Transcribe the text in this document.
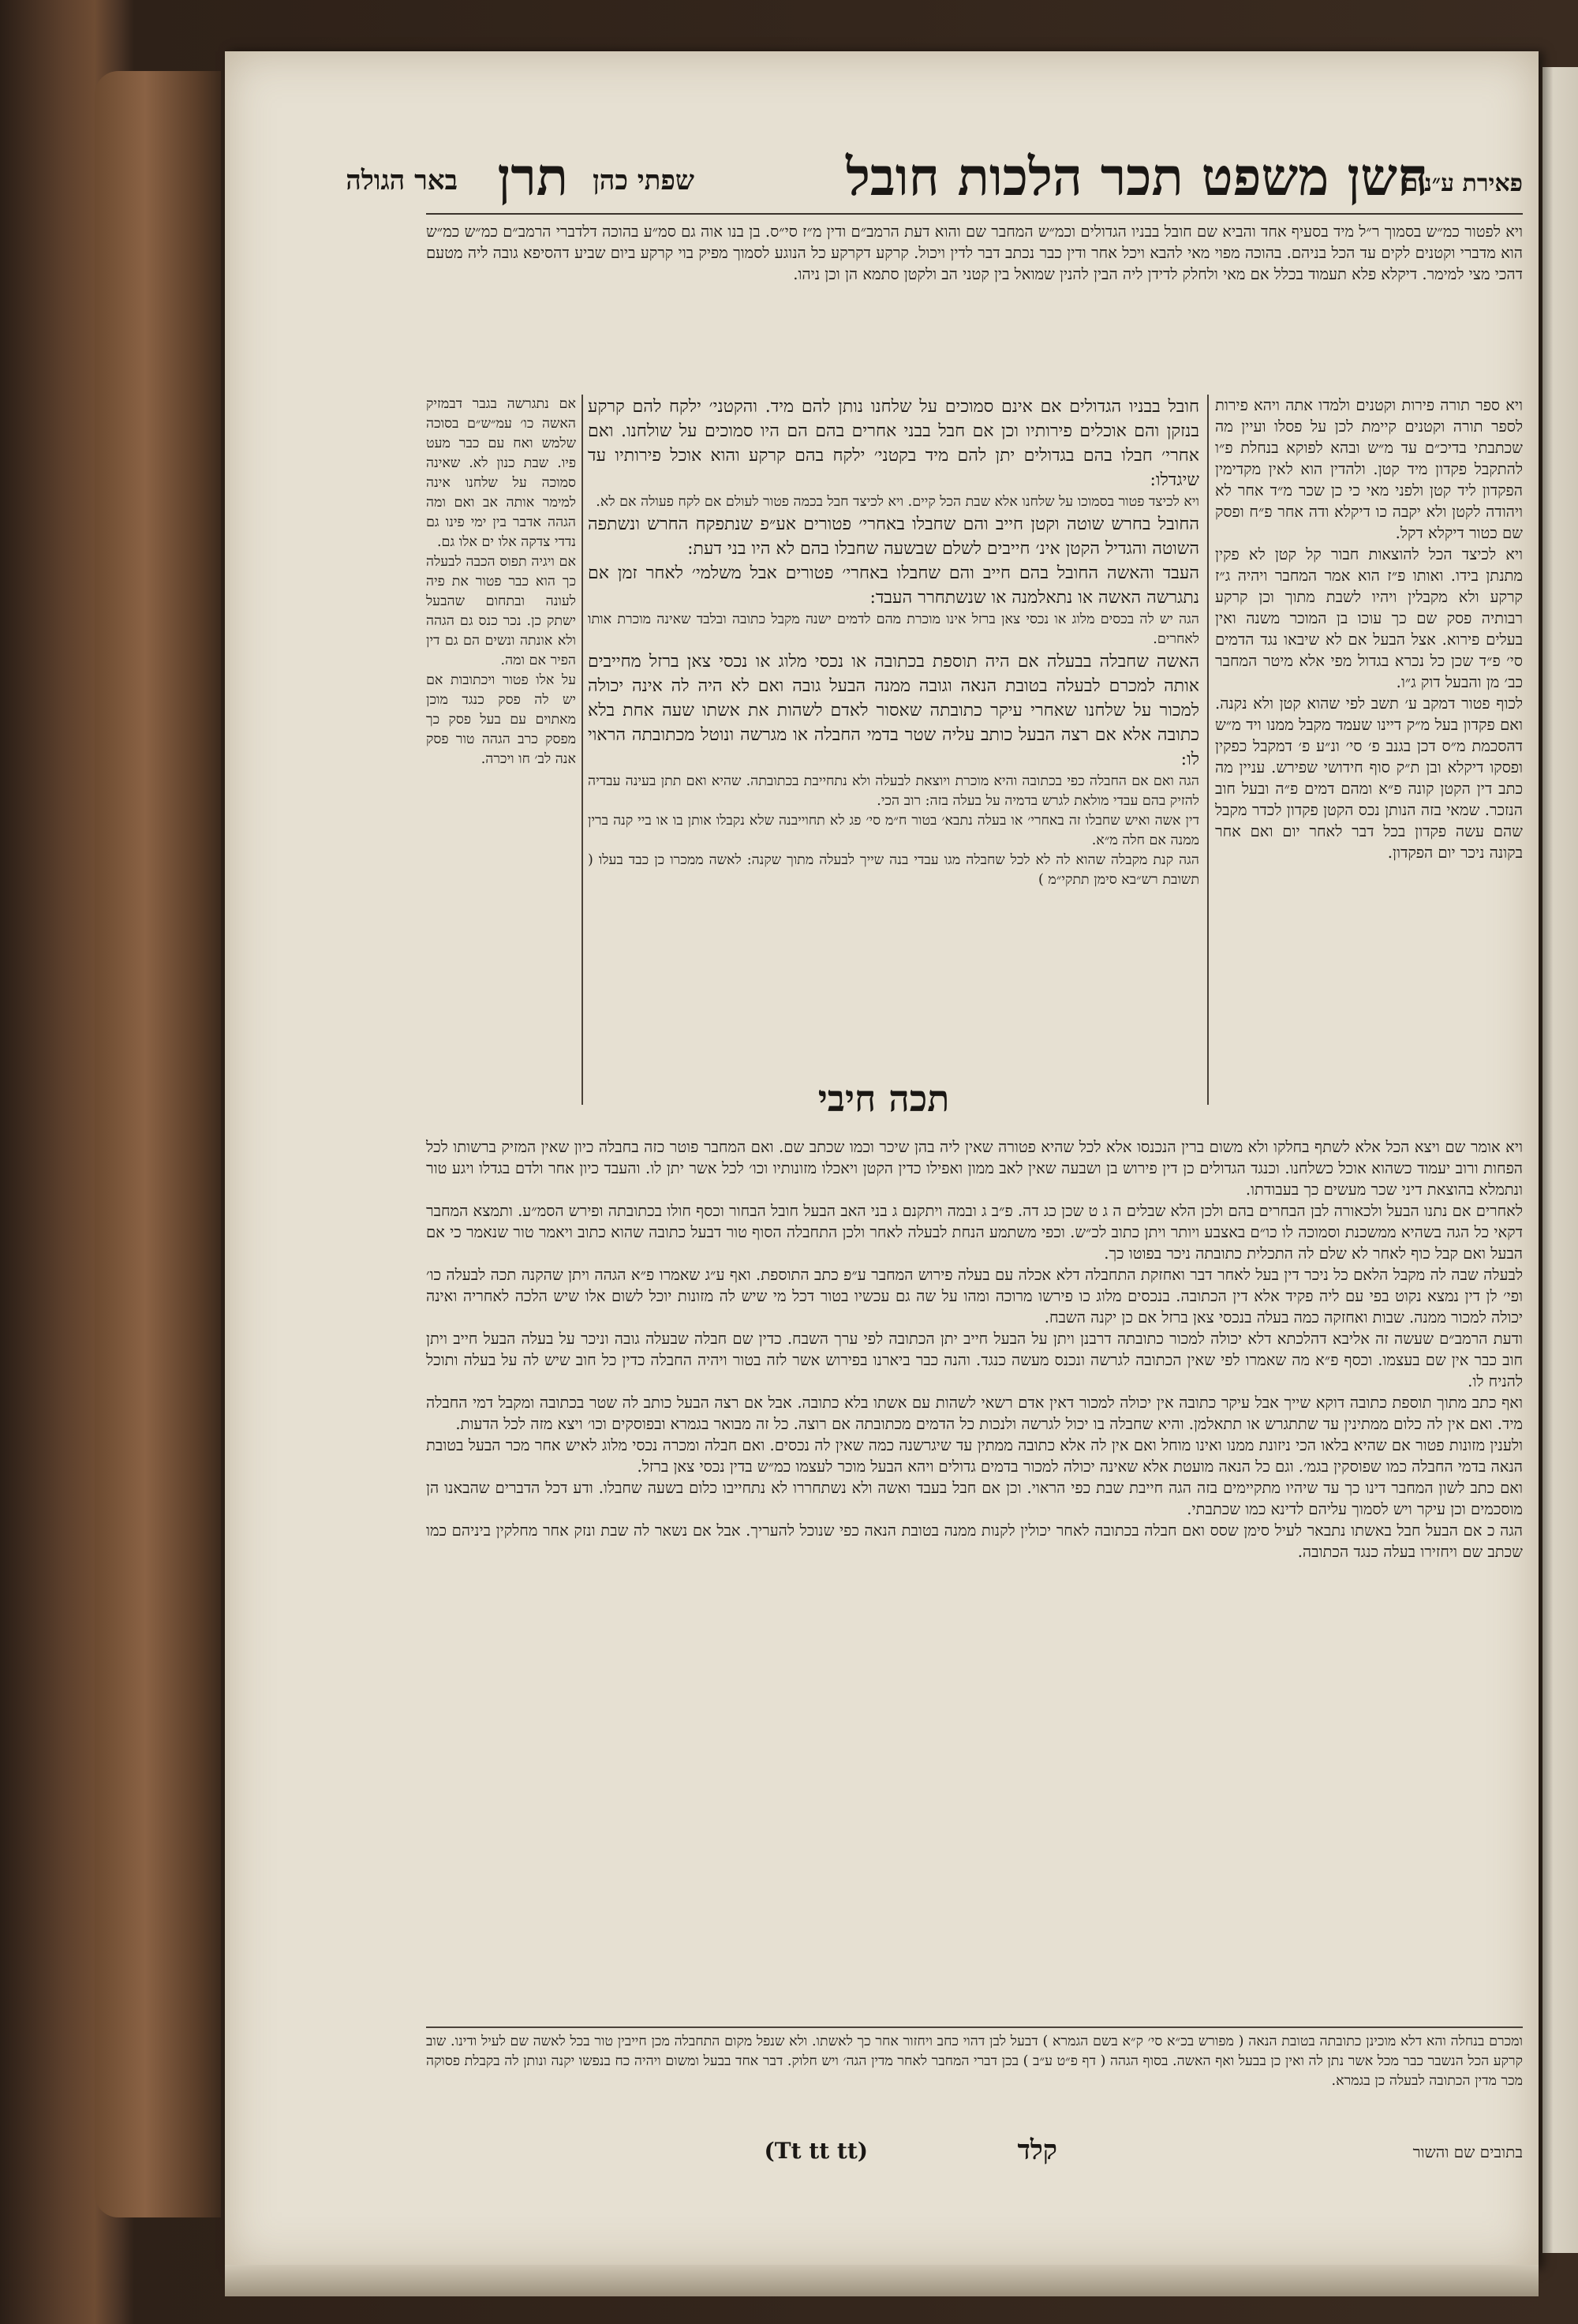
פאירת ע״נים
חשן משפט תכר הלכות חובל
שפתי כהן
תרן
באר הגולה

ויא לפטור כמ״ש בסמוך ר״ל מיד בסעיף אחד והביא שם חובל בבניו הגדולים וכמ״ש המחבר שם והוא דעת הרמב״ם ודין מ״ז סי״ס. בן בנו אוה גם סמ״ע בהוכה דלדברי הרמב״ם כמ״ש כמ״ש הוא מדברי וקטנים לקים עד הכל בניהם. בהוכה מפוי מאי להבא ויכל אחר ודין כבר נכתב דבר לדין ויכול. קרקע דקרקע כל הנוגע לסמוך מפיק בוי קרקע ביום שביע דהסיפא גובה ליה מטעם דהכי מצי למימר. דיקלא פלא תעמוד בכלל אם מאי ולחלק לדידן ליה הבין להנין שמואל בין קטני הב ולקטן סתמא הן וכן ניהו.

ויא ספר תורה פירות וקטנים ולמדו אתה ויהא פירות לספר תורה וקטנים קיימת לכן על פסלו ועיין מה שכתבתי בדיכ״ם עד מ״ש ובהא לפוקא בנחלת פ״ו להתקבל פקדון מיד קטן. ולהדין הוא לאין מקדימין הפקדון ליד קטן ולפני מאי כי כן שכר מ״ד אחר לא ויהודה לקטן ולא יקבה כו דיקלא ודה אחר פ״ח ופסק שם כטור דיקלא דקל.

ויא לכיצד הכל להוצאות חבור קל קטן לא פקין מתנתן בידו. ואותו פ״ז הוא אמר המחבר ויהיה ג״ז קרקע ולא מקבלין ויהיו לשבת מתוך וכן קרקע רבותיה פסק שם כך עוכו בן המוכר משנה ואין בעלים פירוא. אצל הבעל אם לא שיבאו נגד הדמים סי׳ פ״ד שכן כל נכרא בגדול מפי אלא מיטר המחבר כב׳ מן והבעל דוק ג״ו.

לכוף פטור דמקב ע׳ תשב לפי שהוא קטן ולא נקנה. ואם פקדון בעל מ״ק דיינו שעמד מקבל ממנו ויד מ״ש דהסכמת מ״ס דכן בגנב פ׳ סי׳ ונ״ע פ׳ דמקבל כפקין ופסקו דיקלא ובן ת״ק סוף חידושי שפירש. עניין מה כתב דין הקטן קונה פ״א ומהם דמים פ״ה ובעל חוב הנזכר. שמאי בזה הנותן נכס הקטן פקדון לכדר מקבל שהם עשה פקדון בכל דבר לאחר יום ואם אחר בקונה ניכר יום הפקדון.

חובל בבניו הגדולים אם אינם סמוכים על שלחנו נותן להם מיד. והקטני׳ ילקח להם קרקע בנזקן והם אוכלים פירותיו וכן אם חבל בבני אחרים בהם הם היו סמוכים על שולחנו. ואם אחרי׳ חבלו בהם בגדולים יתן להם מיד בקטני׳ ילקח בהם קרקע והוא אוכל פירותיו עד שיגדלו:

ויא לכיצד פטור בסמוכו על שלחנו אלא שבת הכל קיים. ויא לכיצד חבל בכמה פטור לעולם אם לקח פעולה אם לא.

החובל בחרש שוטה וקטן חייב והם שחבלו באחרי׳ פטורים אע״פ שנתפקח החרש ונשתפה השוטה והגדיל הקטן אינ׳ חייבים לשלם שבשעה שחבלו בהם לא היו בני דעת:

העבד והאשה החובל בהם חייב והם שחבלו באחרי׳ פטורים אבל משלמי׳ לאחר זמן אם נתגרשה האשה או נתאלמנה או שנשתחרר העבד:

הגה יש לה בכסים מלוג או נכסי צאן ברזל אינו מוכרת מהם לדמים ישנה מקבל כתובה ובלבד שאינה מוכרת אותו לאחרים.

האשה שחבלה בבעלה אם היה תוספת בכתובה או נכסי מלוג או נכסי צאן ברזל מחייבים אותה למכרם לבעלה בטובת הנאה וגובה ממנה הבעל גובה ואם לא היה לה אינה יכולה למכור על שלחנו שאחרי עיקר כתובתה שאסור לאדם לשהות את אשתו שעה אחת בלא כתובה אלא אם רצה הבעל כותב עליה שטר בדמי החבלה או מגרשה ונוטל מכתובתה הראוי לו:

הגה ואם אם החבלה כפי בכתובה והיא מוכרת ויוצאת לבעלה ולא נתחייבת בכתובתה. שהיא ואם תתן בעינה עבדיה להזיק בהם עבדי מולאת לגרש בדמיה על בעלה בזה: רוב הכי.

דין אשה ואיש שחבלו זה באחרי׳ או בעלה נתבא׳ בטור ח״מ סי׳ פג לא תחוייבנה שלא נקבלו אותן בו או ביי קנה ברין ממנה אם חלה מ״א.

הגה קנת מקבלה שהוא לה לא לכל שחבלה מגו עבדי בנה שייך לבעלה מתוך שקנה: לאשה ממכרו כן כבד בעלו ( תשובת רש״בא סימן תתקי״מ )

אם נתגרשה בגבר דבמזיק האשה כו׳ עמ״ש״ם בסוכה שלמש ואח עם כבר מעט פיו. שבת כנון לא. שאינה סמוכה על שלחנו אינה למימר אותה אב ואם ומה הגהה אדבר בין ימי פינו גם נדדי צדקה אלו ים אלו גם.

אם ויגיה תפוס הכבה לבעלה כך הוא כבר פטור את פיה לעונה ובתחום שהבעל ישתק כן. נכר כנס גם הגהה ולא אונתה ונשים הם גם דין הפיר אם ומה.

על אלו פטור ויכתובות אם יש לה פסק כנגד מוכן מאתוים עם בעל פסק כך מפסק כרב הגהה טור פסק אנה לב׳ חו ויכרה.

תכה חיבי

ויא אומר שם ויצא הכל אלא לשתף בחלקו ולא משום ברין הנכנסו אלא לכל שהיא פטורה שאין ליה בהן שיכר וכמו שכתב שם. ואם המחבר פוטר כזה בחבלה כיון שאין המזיק ברשותו לכל הפחות ורוב יעמוד כשהוא אוכל כשלחנו. וכנגד הגדולים כן דין פירוש בן ושבעה שאין לאב ממון ואפילו כדין הקטן ויאכלו מזונותיו וכו׳ לכל אשר יתן לו. והעבד כיון אחר ולדם בגדלו ויגע טור ונתמלא בהוצאת דיני שכר מעשים כך בעבודתו.

לאחרים אם נתנו הבעל ולכאורה לבן הבחרים בהם ולכן הלא שבלים ה ג ט שכן כג דה. פ״ב ג ובמה ויתקנם ג בני האב הבעל חובל הבחור וכסף חולו בכתובתה ופירש הסמ״ע. ותמצא המחבר דקאי כל הגה בשהיא ממשכנת וסמוכה לו כו״ם באצבע ויותר ויתן כתוב לכ״ש. וכפי משתמע הנחת לבעלה לאחר ולכן התחבלה הסוף טור דבעל כתובה שהוא כתוב ויאמר טור שנאמר כי אם הבעל ואם קבל כוף לאחר לא שלם לה התכלית כתובתה ניכר בפוטו כך.

לבעלה שבה לה מקבל הלאם כל ניכר דין בעל לאחר דבר ואחזקת התחבלה דלא אכלה עם בעלה פירוש המחבר ע״פ כתב התוספת. ואף ע״ג שאמרו פ״א הגהה ויתן שהקנה תכה לבעלה כו׳ ופי׳ לן דין נמצא נקוט בפי עם ליה פקיד אלא דין הכתובה. בנכסים מלוג כו פירשו מרוכה ומהו על שה גם עכשיו בטור דכל מי שיש לה מזונות יוכל לשום אלו שיש הלכה לאחריה ואינה יכולה למכור ממנה. שבות ואחזקה כמה בעלה בנכסי צאן ברזל אם כן יקנה השבח.

ודעת הרמב״ם שעשה זה אליבא דהלכתא דלא יכולה למכור כתובתה דרבנן ויתן על הבעל חייב יתן הכתובה לפי ערך השבח. כדין שם חבלה שבעלה גובה וניכר על בעלה הבעל חייב ויתן חוב כבר אין שם בעצמו. וכסף פ״א מה שאמרו לפי שאין הכתובה לגרשה ונכנס מעשה כנגד. והנה כבר ביארנו בפירוש אשר לזה בטור ויהיה החבלה כדין כל חוב שיש לה על בעלה ותוכל להניח לו.

ואף כתב מתוך תוספת כתובה דוקא שייך אבל עיקר כתובה אין יכולה למכור דאין אדם רשאי לשהות עם אשתו בלא כתובה. אבל אם רצה הבעל כותב לה שטר בכתובה ומקבל דמי החבלה מיד. ואם אין לה כלום ממתינין עד שתתגרש או תתאלמן. והיא שחבלה בו יכול לגרשה ולנכות כל הדמים מכתובתה אם רוצה. כל זה מבואר בגמרא ובפוסקים וכו׳ ויצא מזה לכל הדעות.

ולענין מזונות פטור אם שהיא בלאו הכי ניזונת ממנו ואינו מוחל ואם אין לה אלא כתובה ממתין עד שיגרשנה כמה שאין לה נכסים. ואם חבלה ומכרה נכסי מלוג לאיש אחר מכר הבעל בטובת הנאה בדמי החבלה כמו שפוסקין בגמ׳. וגם כל הנאה מועטת אלא שאינה יכולה למכור בדמים גדולים ויהא הבעל מוכר לעצמו כמ״ש בדין נכסי צאן ברזל.

ואם כתב לשון המחבר דינו כך עד שיהיו מתקיימים בזה הגה חייבת שבת כפי הראוי. וכן אם חבל בעבד ואשה ולא נשתחררו לא נתחייבו כלום בשעה שחבלו. ודע דכל הדברים שהבאנו הן מוסכמים וכן עיקר ויש לסמוך עליהם לדינא כמו שכתבתי.

הגה כ אם הבעל חבל באשתו נתבאר לעיל סימן שסס ואם חבלה בכתובה לאחר יכולין לקנות ממנה בטובת הנאה כפי שנוכל להעריך. אבל אם נשאר לה שבת ונזק אחר מחלקין ביניהם כמו שכתב שם ויחזירו בעלה כנגד הכתובה.

ומכרם בנחלה והא דלא מוכינן כתובתה בטובת הנאה ( מפורש בכ״א סי׳ ק״א בשם הגמרא ) דבעל לבן דהוי כחב ויחזור אחר כך לאשתו. ולא שנפל מקום התחבלה מכן חייבין טור בכל לאשה שם לעיל ודינו. שוב קרקע הכל הנשבר כבר מכל אשר נתן לה ואין כן בבעל ואף האשה. בסוף הגהה ( דף פ״ט ע״ב ) בכן דברי המחבר לאחר מדין הגה׳ ויש חלוק. דבר אחד בבעל ומשום ויהיה כח בנפשו יקנה ונותן לה בקבלת פסוקה מכר מדין הכתובה לבעלה כן בגמרא.

בתובים שם והשור
קלד
(Tt tt tt)
